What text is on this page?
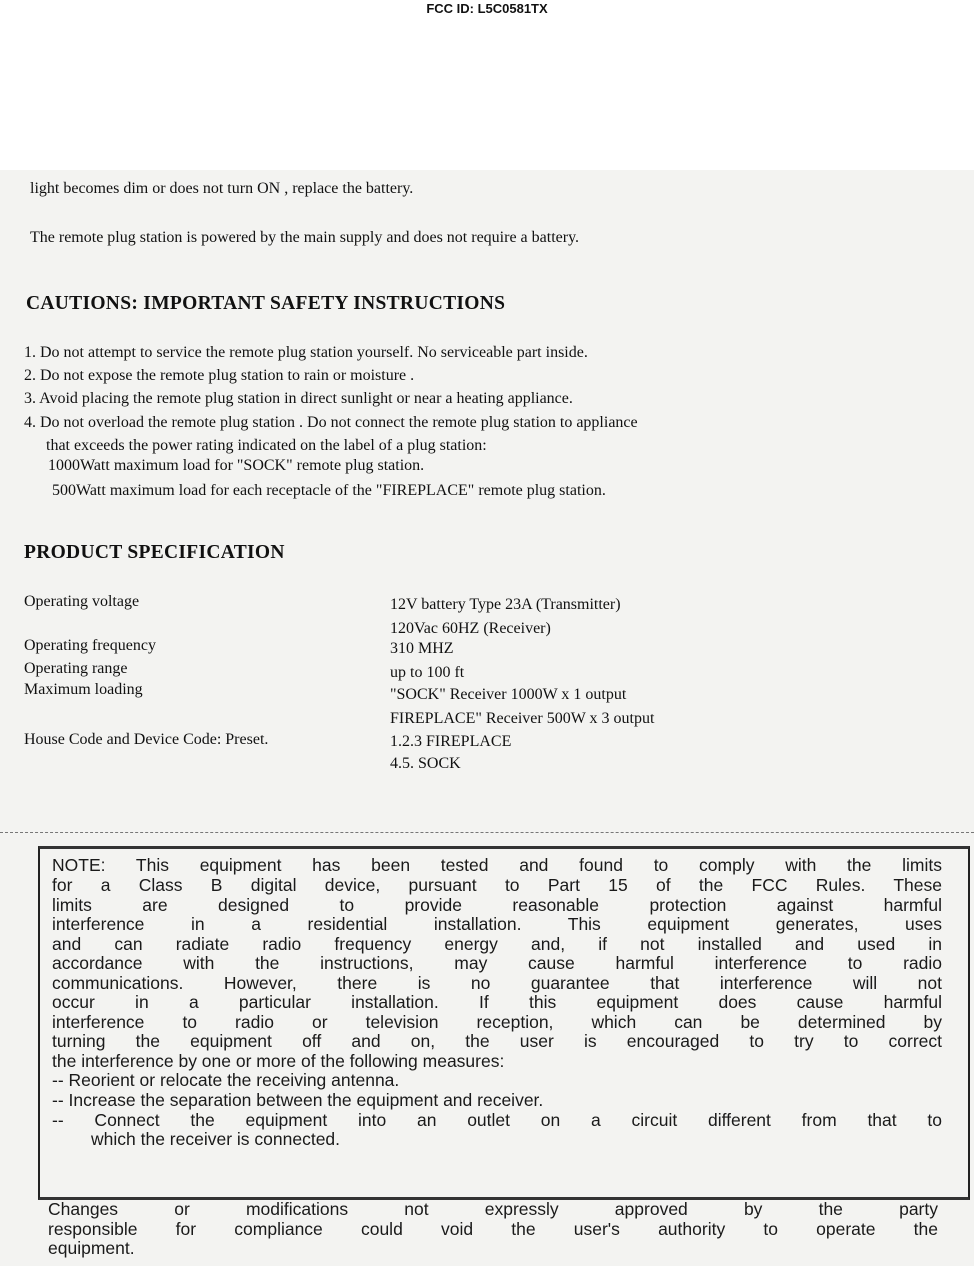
FCC ID: L5C0581TX
light becomes dim or does not turn ON , replace the battery.
The remote plug station is powered by the main supply and does not require a battery.
CAUTIONS: IMPORTANT SAFETY INSTRUCTIONS
1. Do not attempt to service the remote plug station yourself. No serviceable part inside.
2. Do not expose the remote plug station to rain or moisture .
3. Avoid placing the remote plug station in direct sunlight or near a heating appliance.
4. Do not overload the remote plug station . Do not connect the remote plug station to appliance
that exceeds the power rating indicated on the label of a plug station:
1000Watt maximum load for "SOCK" remote plug station.
500Watt maximum load for each receptacle of the "FIREPLACE" remote plug station.
PRODUCT SPECIFICATION
Operating voltage
Operating frequency
Operating range
Maximum loading
House Code and Device Code: Preset.
12V battery Type 23A (Transmitter)
120Vac 60HZ (Receiver)
310 MHZ
up to 100 ft
"SOCK" Receiver 1000W x 1 output
FIREPLACE" Receiver 500W x 3 output
1.2.3 FIREPLACE
4.5. SOCK
NOTE: This equipment has been tested and found to comply with the limits
for a Class B digital device, pursuant to Part 15 of the FCC Rules. These
limits are designed to provide reasonable protection against harmful
interference in a residential installation. This equipment generates, uses
and can radiate radio frequency energy and, if not installed and used in
accordance with the instructions, may cause harmful interference to radio
communications. However, there is no guarantee that interference will not
occur in a particular installation. If this equipment does cause harmful
interference to radio or television reception, which can be determined by
turning the equipment off and on, the user is encouraged to try to correct
the interference by one or more of the following measures:
-- Reorient or relocate the receiving antenna.
-- Increase the separation between the equipment and receiver.
-- Connect the equipment into an outlet on a circuit different from that to
which the receiver is connected.
Changes or modifications not expressly approved by the party
responsible for compliance could void the user's authority to operate the
equipment.
